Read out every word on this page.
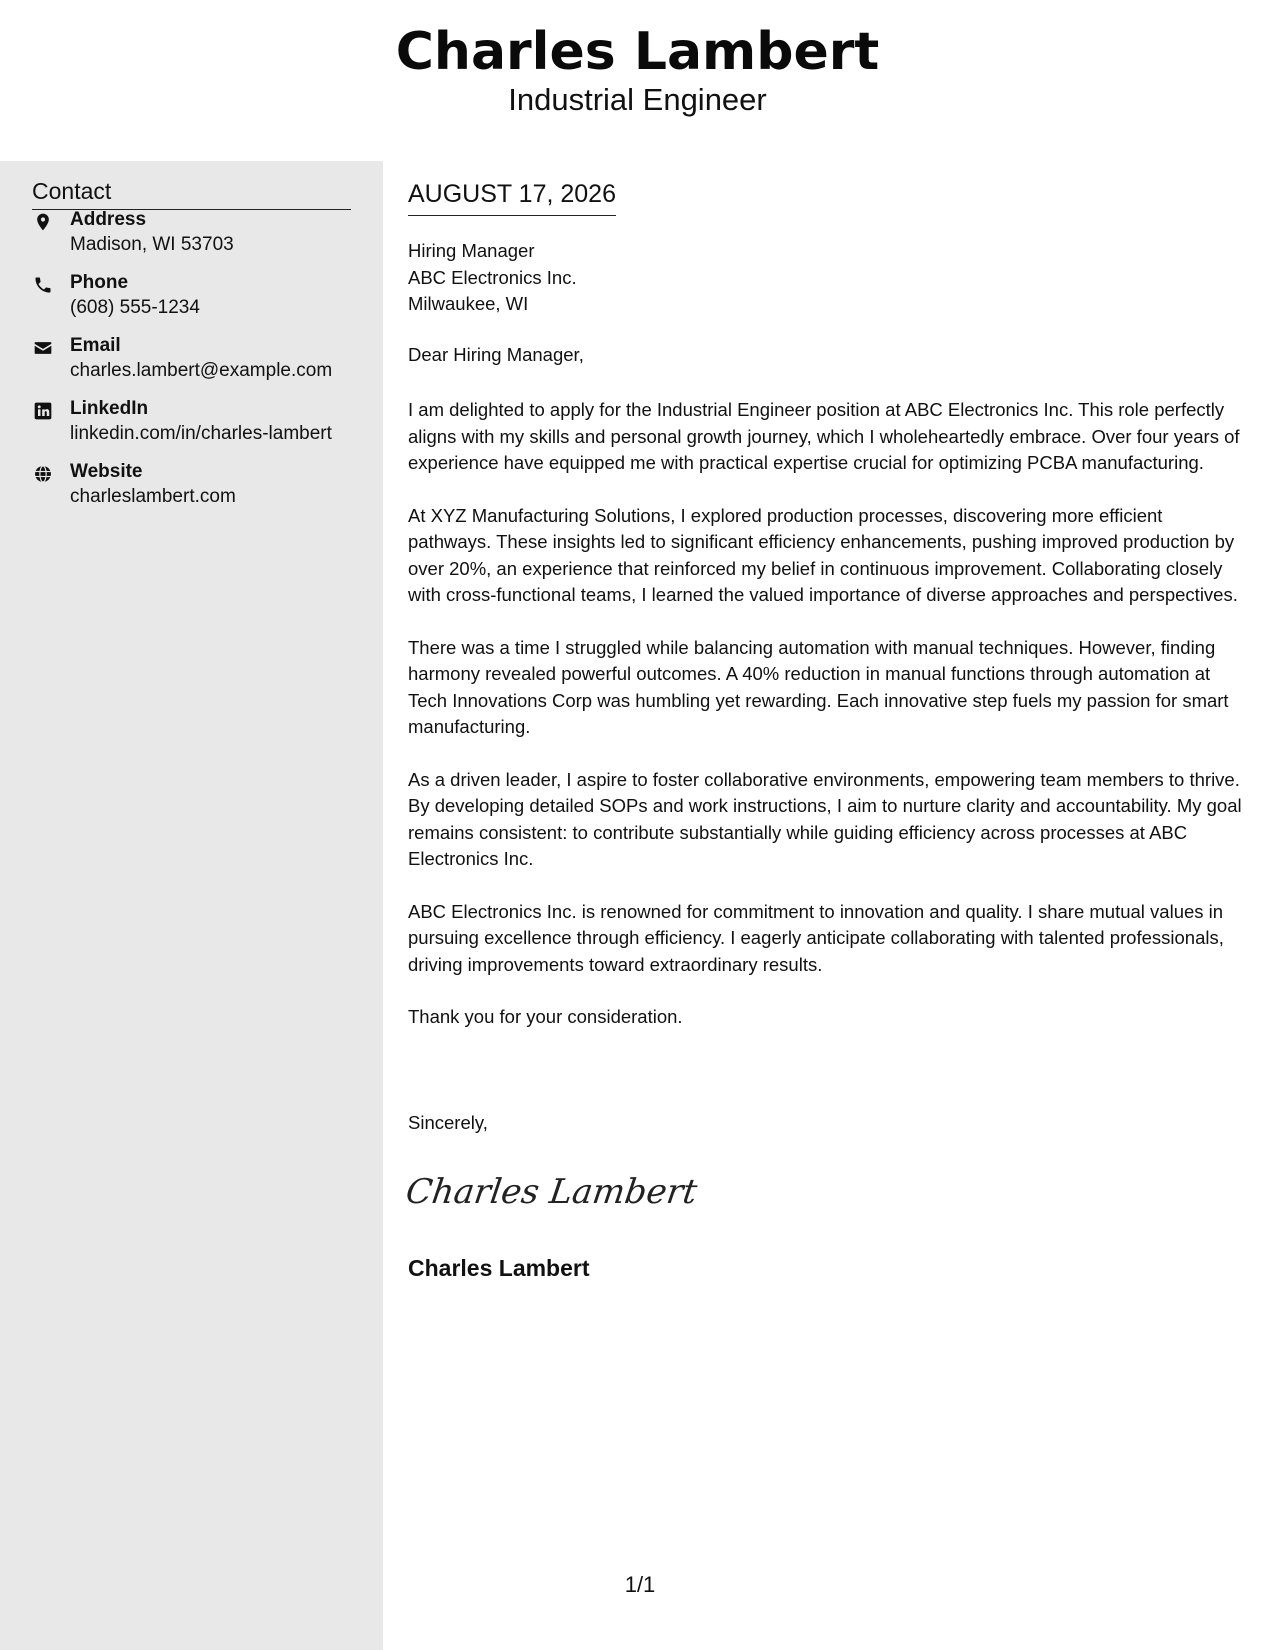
Charles Lambert
Industrial Engineer
Contact
Address
Madison, WI 53703
Phone
(608) 555-1234
Email
charles.lambert@example.com
LinkedIn
linkedin.com/in/charles-lambert
Website
charleslambert.com
AUGUST 17, 2026
Hiring Manager
ABC Electronics Inc.
Milwaukee, WI
Dear Hiring Manager,

I am delighted to apply for the Industrial Engineer position at ABC Electronics Inc. This role perfectly aligns with my skills and personal growth journey, which I wholeheartedly embrace. Over four years of experience have equipped me with practical expertise crucial for optimizing PCBA manufacturing.

At XYZ Manufacturing Solutions, I explored production processes, discovering more efficient pathways. These insights led to significant efficiency enhancements, pushing improved production by over 20%, an experience that reinforced my belief in continuous improvement. Collaborating closely with cross-functional teams, I learned the valued importance of diverse approaches and perspectives.

There was a time I struggled while balancing automation with manual techniques. However, finding harmony revealed powerful outcomes. A 40% reduction in manual functions through automation at Tech Innovations Corp was humbling yet rewarding. Each innovative step fuels my passion for smart manufacturing.

As a driven leader, I aspire to foster collaborative environments, empowering team members to thrive. By developing detailed SOPs and work instructions, I aim to nurture clarity and accountability. My goal remains consistent: to contribute substantially while guiding efficiency across processes at ABC Electronics Inc.

ABC Electronics Inc. is renowned for commitment to innovation and quality. I share mutual values in pursuing excellence through efficiency. I eagerly anticipate collaborating with talented professionals, driving improvements toward extraordinary results.

Thank you for your consideration.

Sincerely,
Charles Lambert
Charles Lambert
1/1
